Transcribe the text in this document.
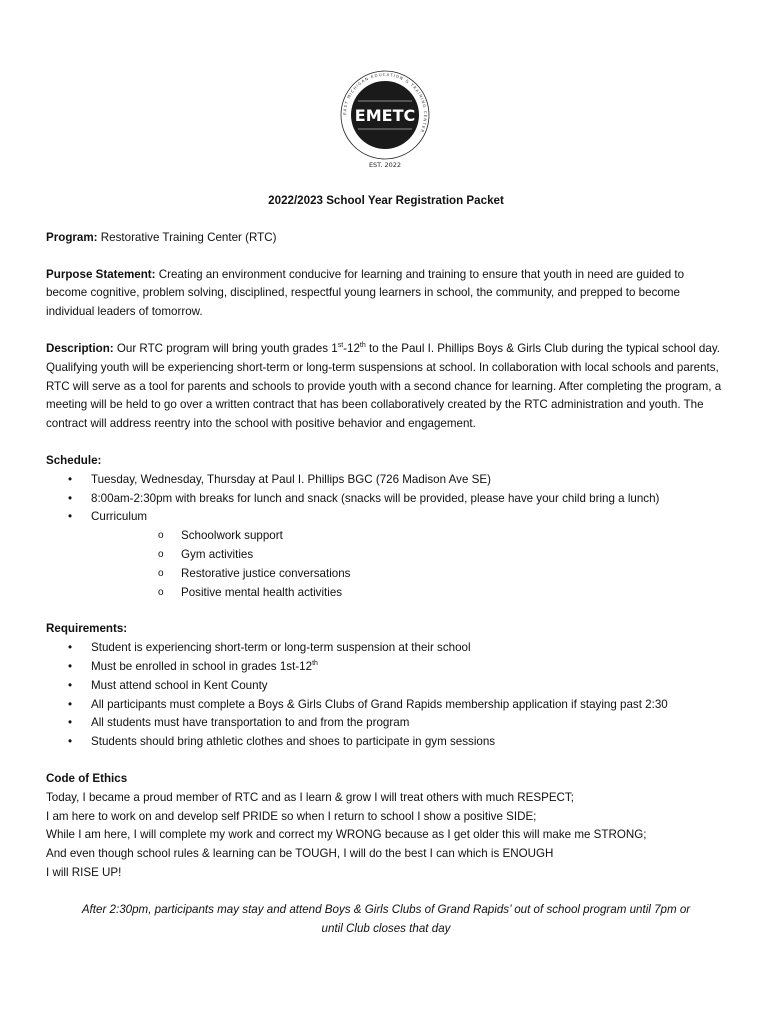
EAST MICHIGAN EDUCATION & TRAINING CENTER
EMETC
EST. 2022
2022/2023 School Year Registration Packet

Program: Restorative Training Center (RTC)

Purpose Statement: Creating an environment conducive for learning and training to ensure that youth in need are guided to become cognitive, problem solving, disciplined, respectful young learners in school, the community, and prepped to become individual leaders of tomorrow.

Description: Our RTC program will bring youth grades 1st-12th to the Paul I. Phillips Boys & Girls Club during the typical school day. Qualifying youth will be experiencing short-term or long-term suspensions at school. In collaboration with local schools and parents, RTC will serve as a tool for parents and schools to provide youth with a second chance for learning. After completing the program, a meeting will be held to go over a written contract that has been collaboratively created by the RTC administration and youth. The contract will address reentry into the school with positive behavior and engagement.

Schedule:
• Tuesday, Wednesday, Thursday at Paul I. Phillips BGC (726 Madison Ave SE)
• 8:00am-2:30pm with breaks for lunch and snack (snacks will be provided, please have your child bring a lunch)
• Curriculum
o Schoolwork support
o Gym activities
o Restorative justice conversations
o Positive mental health activities
Requirements:
• Student is experiencing short-term or long-term suspension at their school
• Must be enrolled in school in grades 1st-12th
• Must attend school in Kent County
• All participants must complete a Boys & Girls Clubs of Grand Rapids membership application if staying past 2:30
• All students must have transportation to and from the program
• Students should bring athletic clothes and shoes to participate in gym sessions
Code of Ethics
Today, I became a proud member of RTC and as I learn & grow I will treat others with much RESPECT;
I am here to work on and develop self PRIDE so when I return to school I show a positive SIDE;
While I am here, I will complete my work and correct my WRONG because as I get older this will make me STRONG;
And even though school rules & learning can be TOUGH, I will do the best I can which is ENOUGH
I will RISE UP!
After 2:30pm, participants may stay and attend Boys & Girls Clubs of Grand Rapids’ out of school program until 7pm or
until Club closes that day
